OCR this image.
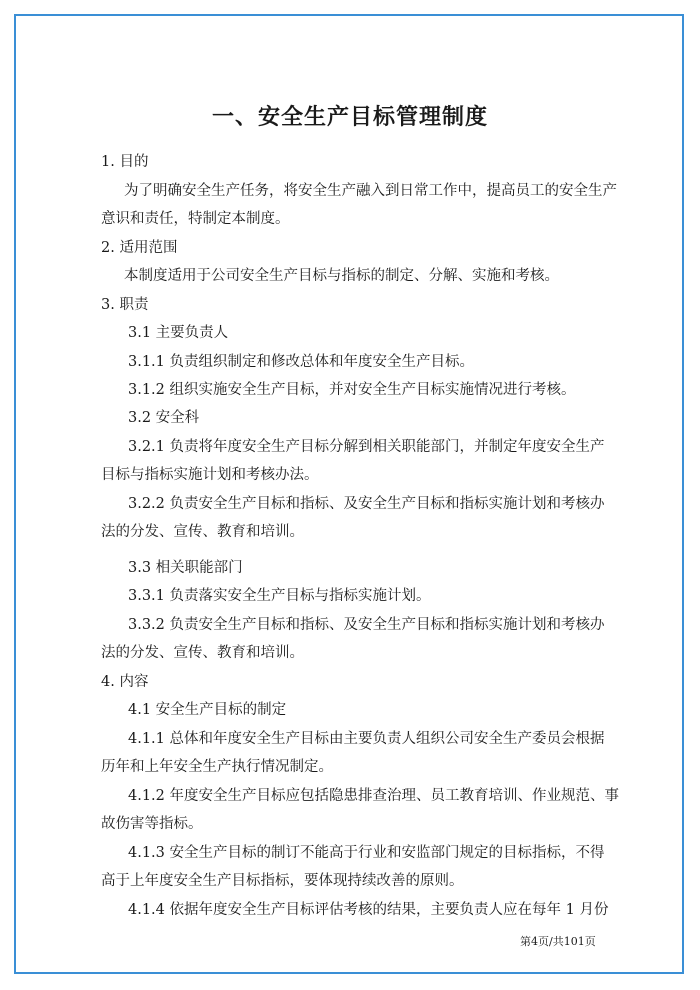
一、安全生产目标管理制度
1. 目的
为了明确安全生产任务，将安全生产融入到日常工作中，提高员工的安全生产
意识和责任，特制定本制度。
2. 适用范围
本制度适用于公司安全生产目标与指标的制定、分解、实施和考核。
3. 职责
3.1 主要负责人
3.1.1 负责组织制定和修改总体和年度安全生产目标。
3.1.2 组织实施安全生产目标，并对安全生产目标实施情况进行考核。
3.2 安全科
3.2.1 负责将年度安全生产目标分解到相关职能部门，并制定年度安全生产
目标与指标实施计划和考核办法。
3.2.2 负责安全生产目标和指标、及安全生产目标和指标实施计划和考核办
法的分发、宣传、教育和培训。
3.3 相关职能部门
3.3.1 负责落实安全生产目标与指标实施计划。
3.3.2 负责安全生产目标和指标、及安全生产目标和指标实施计划和考核办
法的分发、宣传、教育和培训。
4. 内容
4.1 安全生产目标的制定
4.1.1 总体和年度安全生产目标由主要负责人组织公司安全生产委员会根据
历年和上年安全生产执行情况制定。
4.1.2 年度安全生产目标应包括隐患排查治理、员工教育培训、作业规范、事
故伤害等指标。
4.1.3 安全生产目标的制订不能高于行业和安监部门规定的目标指标，不得
高于上年度安全生产目标指标，要体现持续改善的原则。
4.1.4 依据年度安全生产目标评估考核的结果，主要负责人应在每年 1 月份
第4页/共101页
